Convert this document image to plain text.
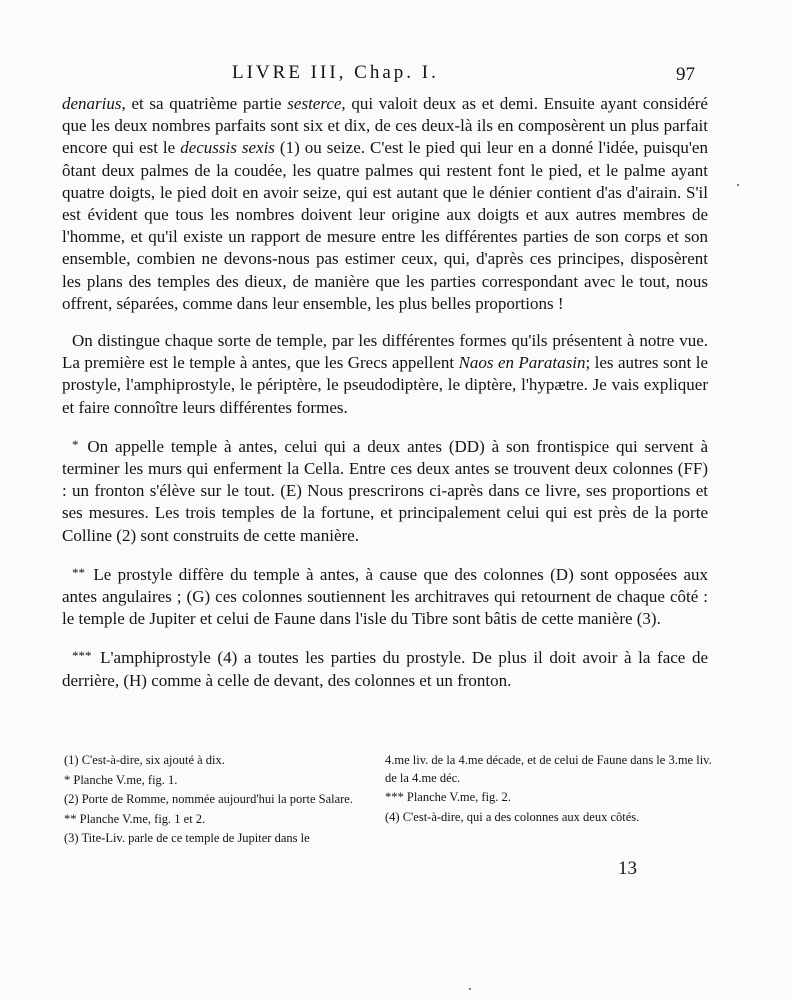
LIVRE III, Chap. I.	97

denarius, et sa quatrième partie sesterce, qui valoit deux as et demi. Ensuite ayant considéré que les deux nombres parfaits sont six et dix, de ces deux-là ils en composèrent un plus parfait encore qui est le decussis sexis (1) ou seize. C'est le pied qui leur en a donné l'idée, puisqu'en ôtant deux palmes de la coudée, les quatre palmes qui restent font le pied, et le palme ayant quatre doigts, le pied doit en avoir seize, qui est autant que le dénier contient d'as d'airain. S'il est évident que tous les nombres doivent leur origine aux doigts et aux autres membres de l'homme, et qu'il existe un rapport de mesure entre les différentes parties de son corps et son ensemble, combien ne devons-nous pas estimer ceux, qui, d'après ces principes, disposèrent les plans des temples des dieux, de manière que les parties correspondant avec le tout, nous offrent, séparées, comme dans leur ensemble, les plus belles proportions !

On distingue chaque sorte de temple, par les différentes formes qu'ils présentent à notre vue. La première est le temple à antes, que les Grecs appellent Naos en Paratasin; les autres sont le prostyle, l'amphiprostyle, le périptère, le pseudodiptère, le diptère, l'hypætre. Je vais expliquer et faire connoître leurs différentes formes.

* On appelle temple à antes, celui qui a deux antes (DD) à son frontispice qui servent à terminer les murs qui enferment la Cella. Entre ces deux antes se trouvent deux colonnes (FF) : un fronton s'élève sur le tout. (E) Nous prescrirons ci-après dans ce livre, ses proportions et ses mesures. Les trois temples de la fortune, et principalement celui qui est près de la porte Colline (2) sont construits de cette manière.

** Le prostyle diffère du temple à antes, à cause que des colonnes (D) sont opposées aux antes angulaires ; (G) ces colonnes soutiennent les architraves qui retournent de chaque côté : le temple de Jupiter et celui de Faune dans l'isle du Tibre sont bâtis de cette manière (3).

*** L'amphiprostyle (4) a toutes les parties du prostyle. De plus il doit avoir à la face de derrière, (H) comme à celle de devant, des colonnes et un fronton.

(1) C'est-à-dire, six ajouté à dix.
* Planche V.me, fig. 1.
(2) Porte de Romme, nommée aujourd'hui la porte Salare.
** Planche V.me, fig. 1 et 2.
(3) Tite-Liv. parle de ce temple de Jupiter dans le
4.me liv. de la 4.me décade, et de celui de Faune dans le 3.me liv. de la 4.me déc.
*** Planche V.me, fig. 2.
(4) C'est-à-dire, qui a des colonnes aux deux côtés.
13
